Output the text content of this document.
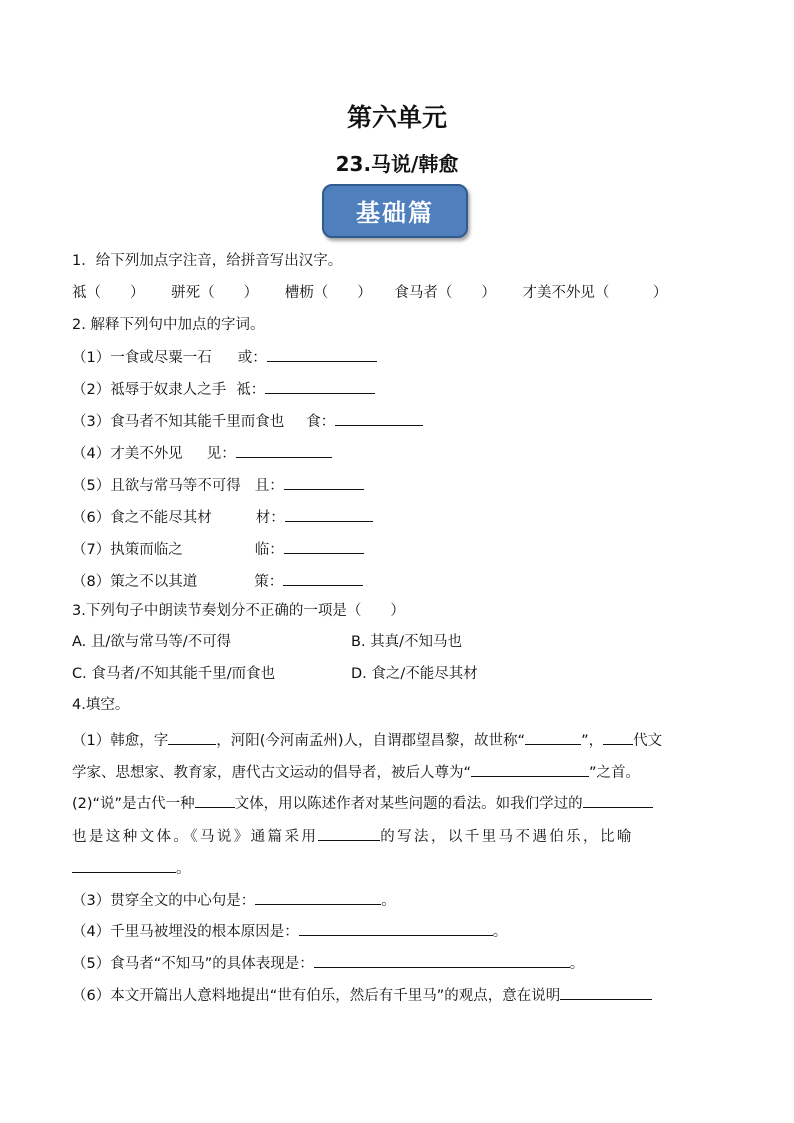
第六单元
23.马说/韩愈
基础篇
1．给下列加点字注音，给拼音写出汉字。
祗（　　） 骈死（　　） 槽枥（　　） 食马者（　　） 才美不外见（　　　）
2. 解释下列句中加点的字词。
（1）一食或尽粟一石 或：
（2）祗辱于奴隶人之手 祗：
（3）食马者不知其能千里而食也 食：
（4）才美不外见 见：
（5）且欲与常马等不可得 且：
（6）食之不能尽其材	材：
（7）执策而临之	临：
（8）策之不以其道	策：
3.下列句子中朗读节奏划分不正确的一项是（　　）
A. 且/欲与常马等/不可得	B. 其真/不知马也
C. 食马者/不知其能千里/而食也	D. 食之/不能尽其材
4.填空。
（1）韩愈，字	，河阳(今河南孟州)人，自谓郡望昌黎，故世称“	”， 代文
学家、思想家、教育家，唐代古文运动的倡导者，被后人尊为“	”之首。
(2)“说”是古代一种	文体，用以陈述作者对某些问题的看法。如我们学过的
也是这种文体。《马说》通篇采用	的写法，以千里马不遇伯乐，比喻
。
（3）贯穿全文的中心句是：	。
（4）千里马被埋没的根本原因是：	。
（5）食马者“不知马”的具体表现是：	。
（6）本文开篇出人意料地提出“世有伯乐，然后有千里马”的观点，意在说明
